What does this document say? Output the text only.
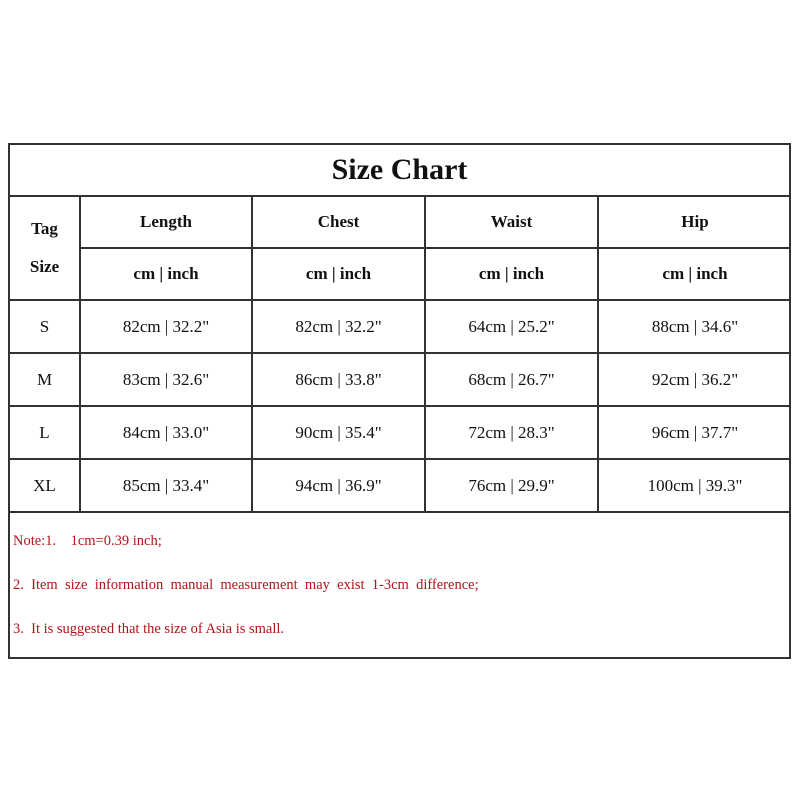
Size Chart
Tag
Size	Length	Chest	Waist	Hip
	cm | inch	cm | inch	cm | inch	cm | inch
S	82cm | 32.2"	82cm | 32.2"	64cm | 25.2"	88cm | 34.6"
M	83cm | 32.6"	86cm | 33.8"	68cm | 26.7"	92cm | 36.2"
L	84cm | 33.0"	90cm | 35.4"	72cm | 28.3"	96cm | 37.7"
XL	85cm | 33.4"	94cm | 36.9"	76cm | 29.9"	100cm | 39.3"
Note:1.    1cm=0.39 inch;
2.  Item  size  information  manual  measurement  may  exist  1-3cm  difference;
3.  It is suggested that the size of Asia is small.
